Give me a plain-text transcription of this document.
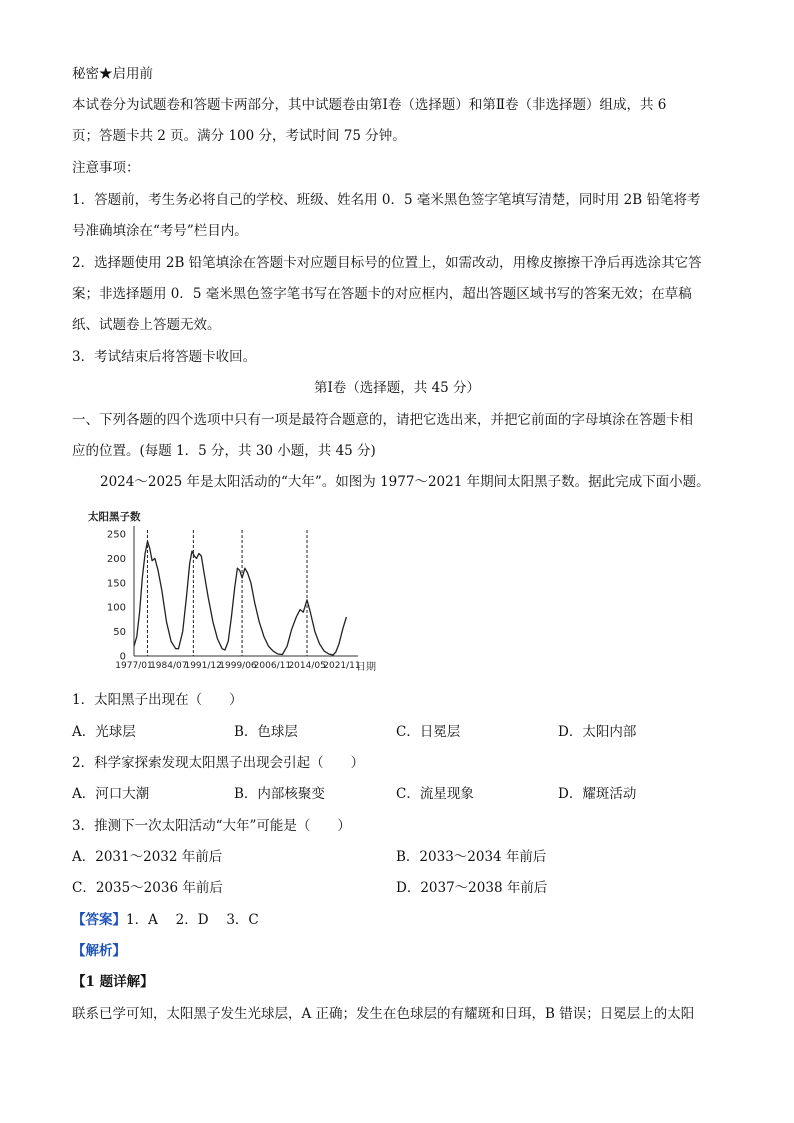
秘密★启用前
本试卷分为试题卷和答题卡两部分，其中试题卷由第Ⅰ卷（选择题）和第Ⅱ卷（非选择题）组成，共 6
页；答题卡共 2 页。满分 100 分，考试时间 75 分钟。
注意事项：
1．答题前，考生务必将自己的学校、班级、姓名用 0．5 毫米黑色签字笔填写清楚，同时用 2B 铅笔将考
号准确填涂在“考号”栏目内。
2．选择题使用 2B 铅笔填涂在答题卡对应题目标号的位置上，如需改动，用橡皮擦擦干净后再选涂其它答
案；非选择题用 0．5 毫米黑色签字笔书写在答题卡的对应框内，超出答题区域书写的答案无效；在草稿
纸、试题卷上答题无效。
3．考试结束后将答题卡收回。
第Ⅰ卷（选择题，共 45 分）
一、下列各题的四个选项中只有一项是最符合题意的，请把它选出来，并把它前面的字母填涂在答题卡相
应的位置。(每题 1．5 分，共 30 小题，共 45 分)
2024～2025 年是太阳活动的“大年”。如图为 1977～2021 年期间太阳黑子数。据此完成下面小题。
250
200
150
100
50
0
1977/01
1984/07
1991/12
1999/06
2006/11
2014/05
2021/11
太阳黑子数
日期
1．太阳黑子出现在（　　）
A．光球层	B．色球层	C．日冕层	D．太阳内部
2．科学家探索发现太阳黑子出现会引起（　　）
A．河口大潮	B．内部核聚变	C．流星现象	D．耀斑活动
3．推测下一次太阳活动“大年”可能是（　　）
A．2031～2032 年前后	B．2033～2034 年前后
C．2035～2036 年前后	D．2037～2038 年前后
【答案】1．A　 2．D　 3．C
【解析】
【1 题详解】
联系已学可知，太阳黑子发生光球层，A 正确；发生在色球层的有耀斑和日珥，B 错误；日冕层上的太阳
